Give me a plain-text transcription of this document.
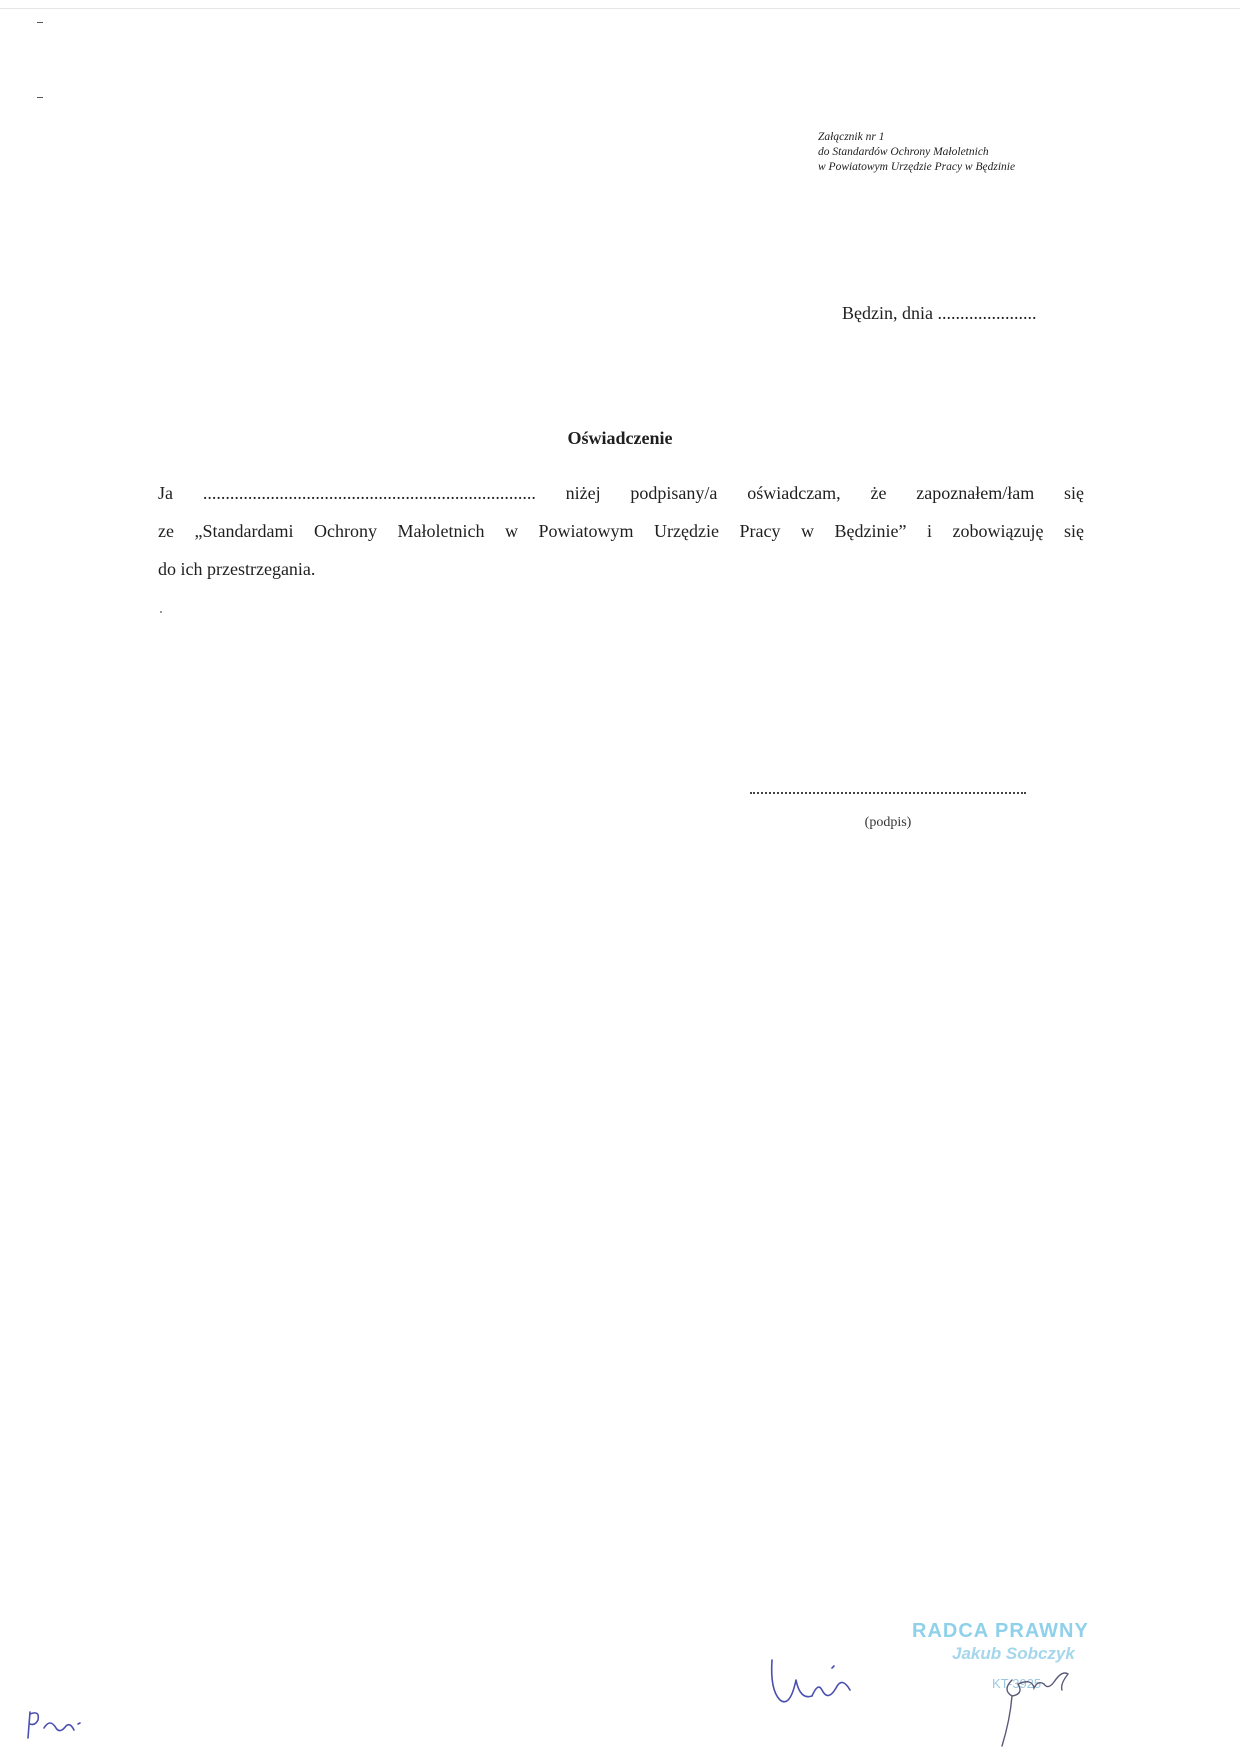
Załącznik nr 1
do Standardów Ochrony Małoletnich
w Powiatowym Urzędzie Pracy w Będzinie
Będzin, dnia ......................
Oświadczenie
Ja .......................................................................... niżej podpisany/a oświadczam, że zapoznałem/łam się
ze „Standardami Ochrony Małoletnich w Powiatowym Urzędzie Pracy w Będzinie” i zobowiązuję się
do ich przestrzegania.
(podpis)
RADCA PRAWNY
Jakub Sobczyk
KT-3925
